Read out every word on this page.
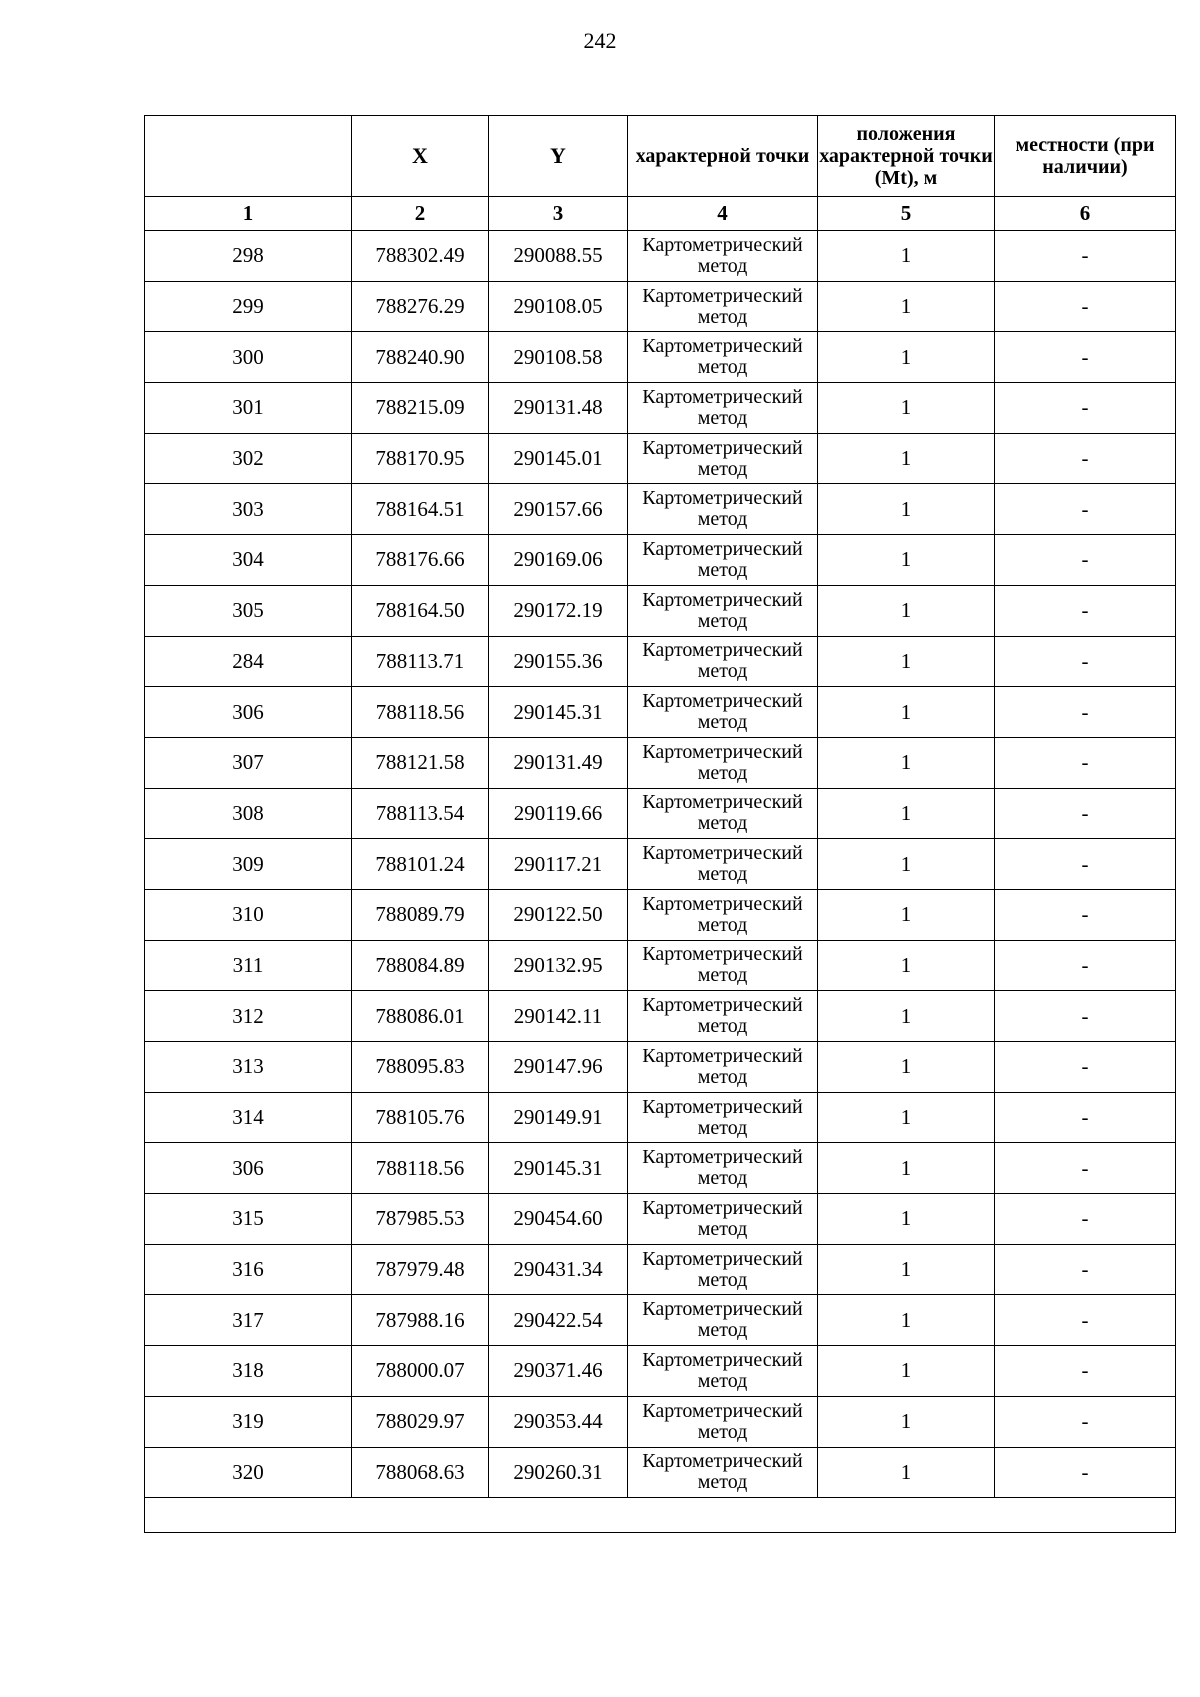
242
	X	Y	характерной точки	положения характерной точки (Mt), м	местности (при наличии)
1	2	3	4	5	6
298	788302.49	290088.55	Картометрический метод	1	-
299	788276.29	290108.05	Картометрический метод	1	-
300	788240.90	290108.58	Картометрический метод	1	-
301	788215.09	290131.48	Картометрический метод	1	-
302	788170.95	290145.01	Картометрический метод	1	-
303	788164.51	290157.66	Картометрический метод	1	-
304	788176.66	290169.06	Картометрический метод	1	-
305	788164.50	290172.19	Картометрический метод	1	-
284	788113.71	290155.36	Картометрический метод	1	-
306	788118.56	290145.31	Картометрический метод	1	-
307	788121.58	290131.49	Картометрический метод	1	-
308	788113.54	290119.66	Картометрический метод	1	-
309	788101.24	290117.21	Картометрический метод	1	-
310	788089.79	290122.50	Картометрический метод	1	-
311	788084.89	290132.95	Картометрический метод	1	-
312	788086.01	290142.11	Картометрический метод	1	-
313	788095.83	290147.96	Картометрический метод	1	-
314	788105.76	290149.91	Картометрический метод	1	-
306	788118.56	290145.31	Картометрический метод	1	-
315	787985.53	290454.60	Картометрический метод	1	-
316	787979.48	290431.34	Картометрический метод	1	-
317	787988.16	290422.54	Картометрический метод	1	-
318	788000.07	290371.46	Картометрический метод	1	-
319	788029.97	290353.44	Картометрический метод	1	-
320	788068.63	290260.31	Картометрический метод	1	-
